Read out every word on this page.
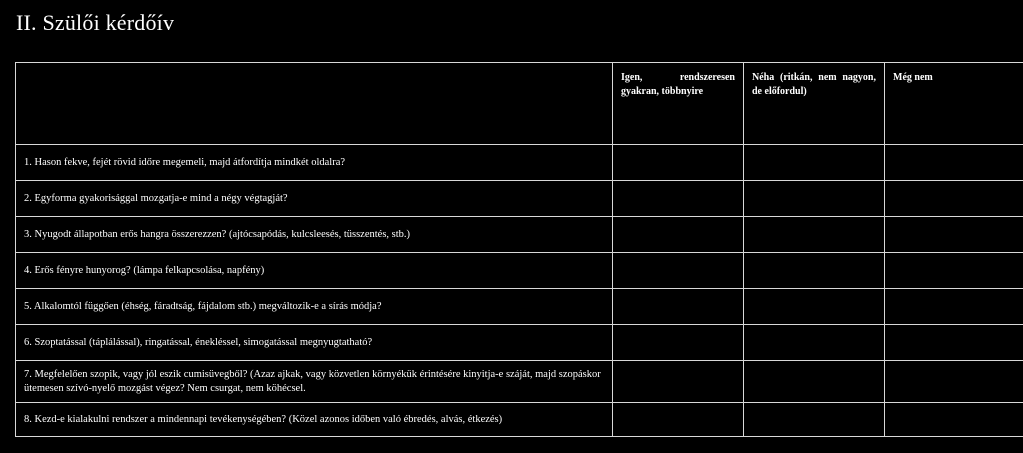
II. Szülői kérdőív
	Igen, rendszeresen gyakran, többnyire	Néha (ritkán, nem nagyon, de előfordul)	Még nem
1. Hason fekve, fejét rövid időre megemeli, majd átfordítja mindkét oldalra?			
2. Egyforma gyakorisággal mozgatja-e mind a négy végtagját?			
3. Nyugodt állapotban erős hangra összerezzen? (ajtócsapódás, kulcsleesés, tüsszentés, stb.)			
4. Erős fényre hunyorog? (lámpa felkapcsolása, napfény)			
5. Alkalomtól függően (éhség, fáradtság, fájdalom stb.) megváltozik-e a sírás módja?			
6. Szoptatással (táplálással), ringatással, énekléssel, simogatással megnyugtatható?			
7. Megfelelően szopik, vagy jól eszik cumisüvegből? (Azaz ajkak, vagy közvetlen környékük érintésére kinyitja-e száját, majd szopáskor ütemesen szívó-nyelő mozgást végez? Nem csurgat, nem köhécsel.			
8. Kezd-e kialakulni rendszer a mindennapi tevékenységében? (Közel azonos időben való ébredés, alvás, étkezés)			
